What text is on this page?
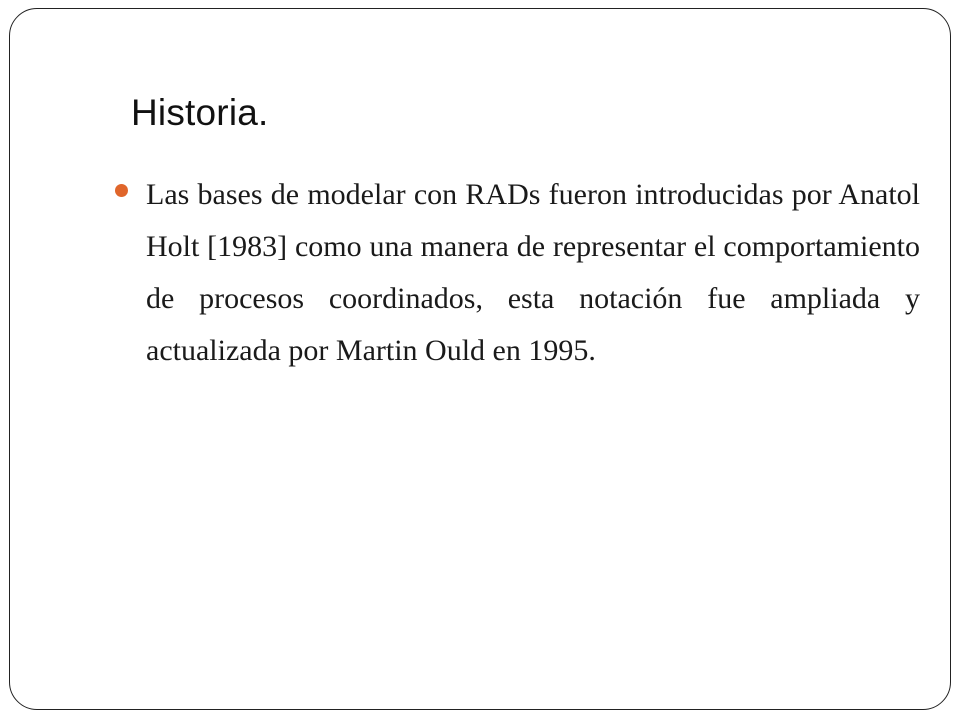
Historia.

Las bases de modelar con RADs fueron introducidas por Anatol Holt [1983] como una manera de representar el comportamiento de procesos coordinados, esta notación fue ampliada y actualizada por Martin Ould en 1995.
